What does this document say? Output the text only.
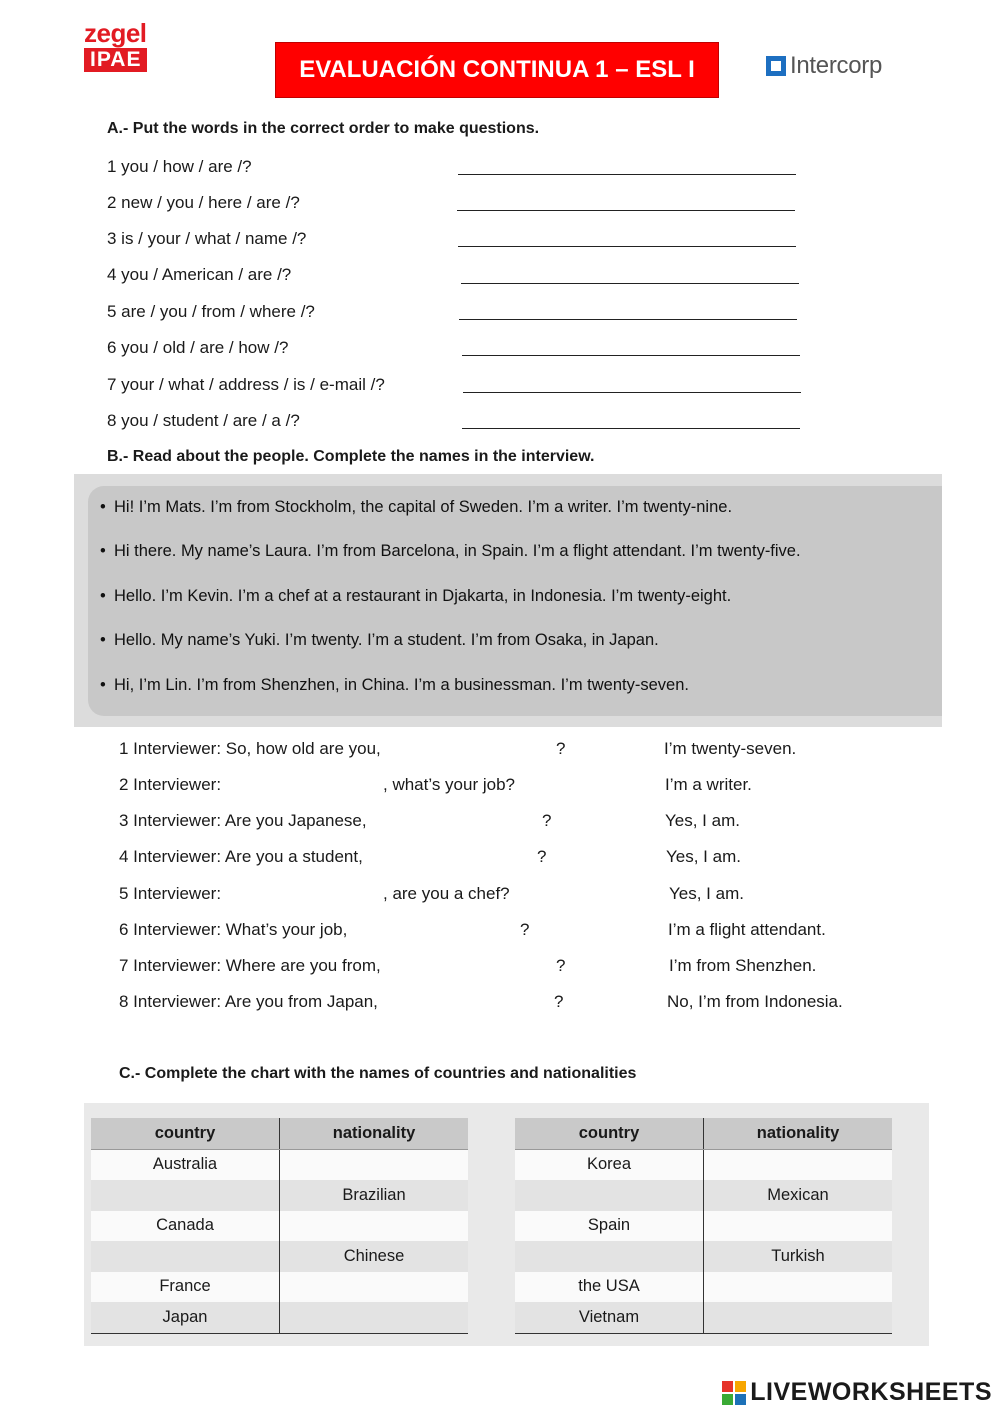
zegel
IPAE	EVALUACIÓN CONTINUA 1 – ESL I	Intercorp
A.- Put the words in the correct order to make questions.
1 you / how / are /?
2 new / you / here / are /?
3 is / your / what / name /?
4 you / American / are /?
5 are / you / from / where /?
6 you / old / are / how /?
7 your / what / address / is / e-mail /?
8 you / student / are / a /?
B.- Read about the people. Complete the names in the interview.
• Hi! I’m Mats. I’m from Stockholm, the capital of Sweden. I’m a writer. I’m twenty-nine.
• Hi there. My name’s Laura. I’m from Barcelona, in Spain. I’m a flight attendant. I’m twenty-five.
• Hello. I’m Kevin. I’m a chef at a restaurant in Djakarta, in Indonesia. I’m twenty-eight.
• Hello. My name’s Yuki. I’m twenty. I’m a student. I’m from Osaka, in Japan.
• Hi, I’m Lin. I’m from Shenzhen, in China. I’m a businessman. I’m twenty-seven.
1 Interviewer: So, how old are you,	?	I’m twenty-seven.
2 Interviewer:	, what’s your job?	I’m a writer.
3 Interviewer: Are you Japanese,	?	Yes, I am.
4 Interviewer: Are you a student,	?	Yes, I am.
5 Interviewer:	, are you a chef?	Yes, I am.
6 Interviewer: What’s your job,	?	I’m a flight attendant.
7 Interviewer: Where are you from,	?	I’m from Shenzhen.
8 Interviewer: Are you from Japan,	?	No, I’m from Indonesia.
C.- Complete the chart with the names of countries and nationalities
country	nationality
Australia	
	Brazilian
Canada	
	Chinese
France	
Japan	
country	nationality
Korea	
	Mexican
Spain	
	Turkish
the USA	
Vietnam	
LIVEWORKSHEETS
